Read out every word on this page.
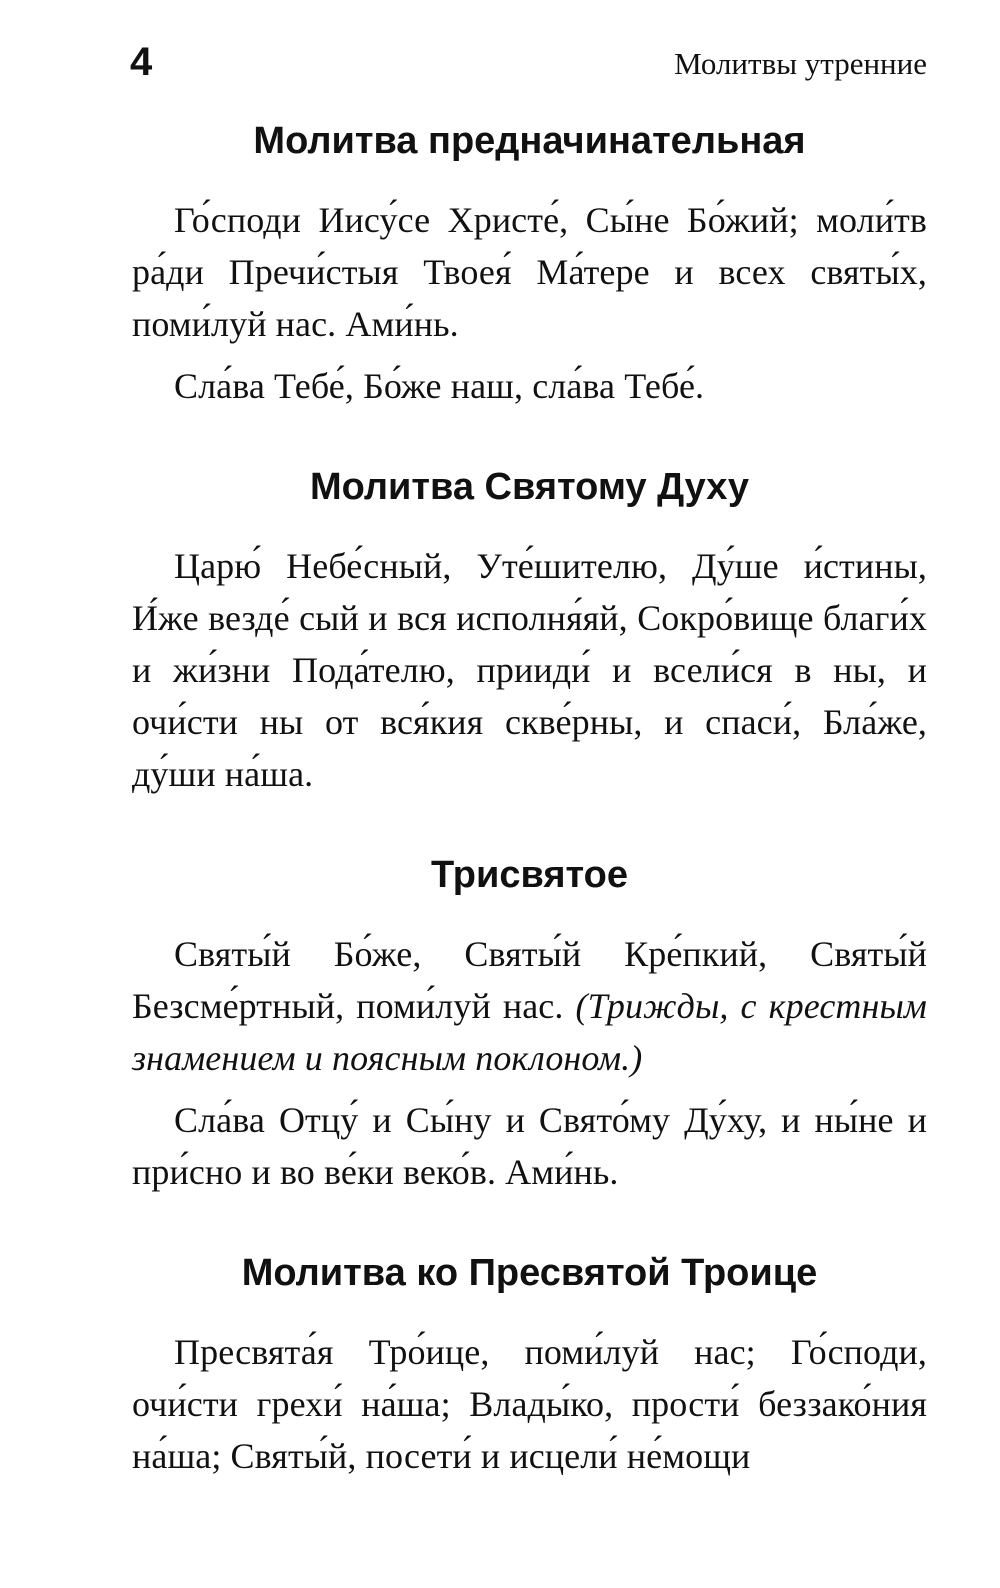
4	Молитвы утренние
Молитва предначинательная

Го́споди Иису́се Христе́, Сы́не Бо́жий; моли́тв ра́ди Пречи́стыя Твоея́ Ма́тере и всех святы́х, поми́луй нас. Ами́нь.

Сла́ва Тебе́, Бо́же наш, сла́ва Тебе́.

Молитва Святому Духу

Царю́ Небе́сный, Уте́шителю, Ду́ше и́стины, И́же везде́ сый и вся исполня́яй, Сокро́вище благи́х и жи́зни Пода́телю, прииди́ и всели́ся в ны, и очи́сти ны от вся́кия скве́рны, и спаси́, Бла́же, ду́ши на́ша.

Трисвятое

Святы́й Бо́же, Святы́й Кре́пкий, Святы́й Безсме́ртный, поми́луй нас. (Трижды, с крестным знамением и поясным поклоном.)

Сла́ва Отцу́ и Сы́ну и Свято́му Ду́ху, и ны́не и при́сно и во ве́ки веко́в. Ами́нь.

Молитва ко Пресвятой Троице

Пресвята́я Тро́ице, поми́луй нас; Го́споди, очи́сти грехи́ на́ша; Влады́ко, прости́ беззако́ния на́ша; Святы́й, посети́ и исцели́ не́мощи
